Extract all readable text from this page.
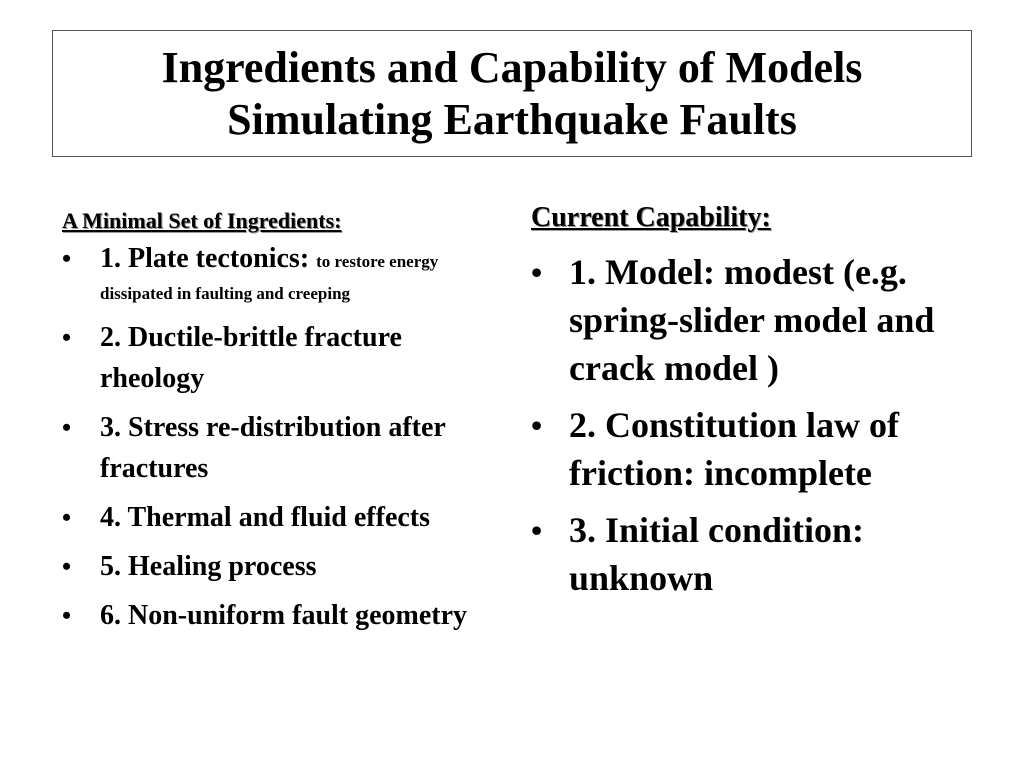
Ingredients and Capability of Models
Simulating Earthquake Faults
A Minimal Set of Ingredients:
• 1. Plate tectonics: to restore energy dissipated in faulting and creeping
• 2. Ductile-brittle fracture rheology
• 3. Stress re-distribution after fractures
• 4. Thermal and fluid effects
• 5. Healing process
• 6. Non-uniform fault geometry
Current Capability:
• 1. Model: modest (e.g. spring-slider model and crack model )
• 2. Constitution law of friction: incomplete
• 3. Initial condition: unknown
